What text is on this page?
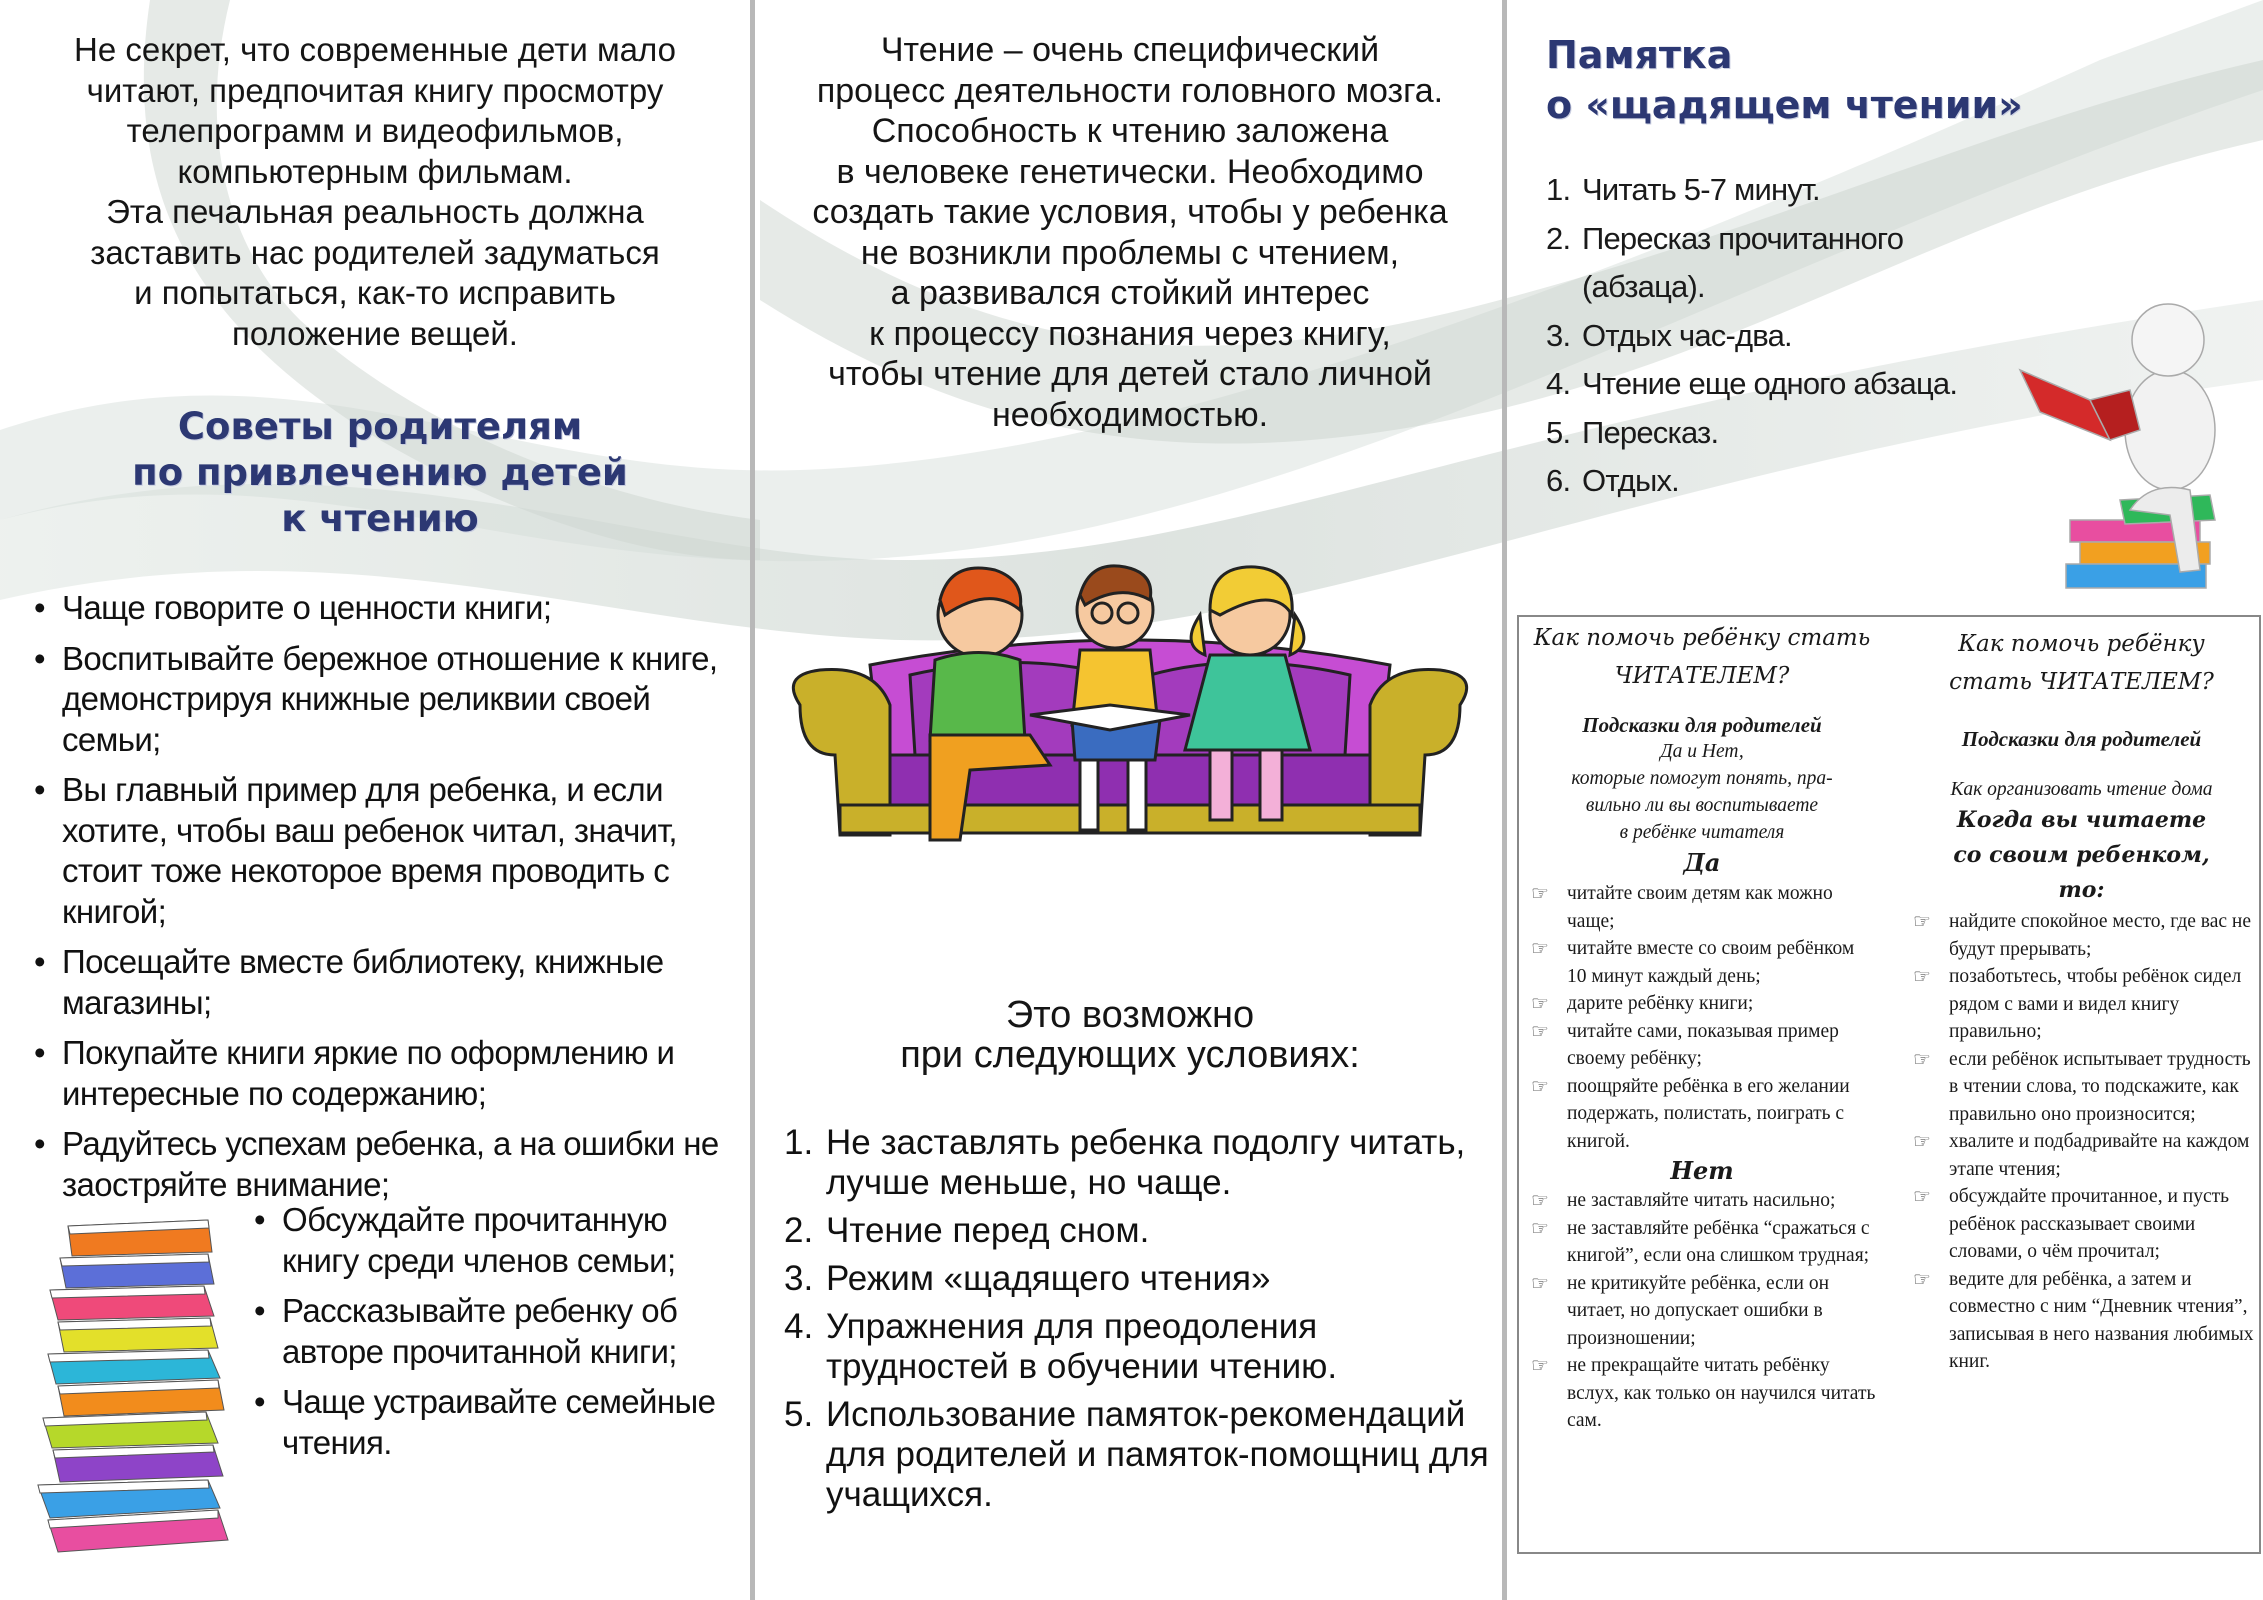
Не секрет, что современные дети мало
читают, предпочитая книгу просмотру
телепрограмм и видеофильмов,
компьютерным фильмам.
Эта печальная реальность должна
заставить нас родителей задуматься
и попытаться, как-то исправить
положение вещей.
Советы родителям
по привлечению детей
к чтению
• Чаще говорите о ценности книги;
• Воспитывайте бережное отношение к книге, демонстрируя книжные реликвии своей семьи;
• Вы главный пример для ребенка, и если хотите, чтобы ваш ребенок читал, значит, стоит тоже некоторое время проводить с книгой;
• Посещайте вместе библиотеку, книжные магазины;
• Покупайте книги яркие по оформлению и интересные по содержанию;
• Радуйтесь успехам ребенка, а на ошибки не заостряйте внимание;
• Обсуждайте прочитанную книгу среди членов семьи;
• Рассказывайте ребенку об авторе прочитанной книги;
• Чаще устраивайте семейные чтения.
Чтение – очень специфический
процесс деятельности головного мозга.
Способность к чтению заложена
в человеке генетически. Необходимо
создать такие условия, чтобы у ребенка
не возникли проблемы с чтением,
а развивался стойкий интерес
к процессу познания через книгу,
чтобы чтение для детей стало личной
необходимостью.
Это возможно
при следующих условиях:
1. Не заставлять ребенка подолгу читать, лучше меньше, но чаще.
2. Чтение перед сном.
3. Режим «щадящего чтения»
4. Упражнения для преодоления трудностей в обучении чтению.
5. Использование памяток-рекомендаций для родителей и памяток-помощниц для учащихся.
Памятка
о «щадящем чтении»
1. Читать 5-7 минут.
2. Пересказ прочитанного (абзаца).
3. Отдых час-два.
4. Чтение еще одного абзаца.
5. Пересказ.
6. Отдых.
Как помочь ребёнку стать
ЧИТАТЕЛЕМ?
Подсказки для родителей
Да и Нет,
которые помогут понять, пра-
вильно ли вы воспитываете
в ребёнке читателя
Да
☞ читайте своим детям как можно чаще;
☞ читайте вместе со своим ребёнком 10 минут каждый день;
☞ дарите ребёнку книги;
☞ читайте сами, показывая пример своему ребёнку;
☞ поощряйте ребёнка в его желании подержать, полистать, поиграть с книгой.
Нет
☞ не заставляйте читать насильно;
☞ не заставляйте ребёнка “сражаться с книгой”, если она слишком трудная;
☞ не критикуйте ребёнка, если он читает, но допускает ошибки в произношении;
☞ не прекращайте читать ребёнку вслух, как только он научился читать сам.
Как помочь ребёнку
стать ЧИТАТЕЛЕМ?
Подсказки для родителей
Как организовать чтение дома
Когда вы читаете
со своим ребенком,
то:
☞ найдите спокойное место, где вас не будут прерывать;
☞ позаботьтесь, чтобы ребёнок сидел рядом с вами и видел книгу правильно;
☞ если ребёнок испытывает трудность в чтении слова, то подскажите, как правильно оно произносится;
☞ хвалите и подбадривайте на каждом этапе чтения;
☞ обсуждайте прочитанное, и пусть ребёнок рассказывает своими словами, о чём прочитал;
☞ ведите для ребёнка, а затем и совместно с ним “Дневник чтения”, записывая в него названия любимых книг.
